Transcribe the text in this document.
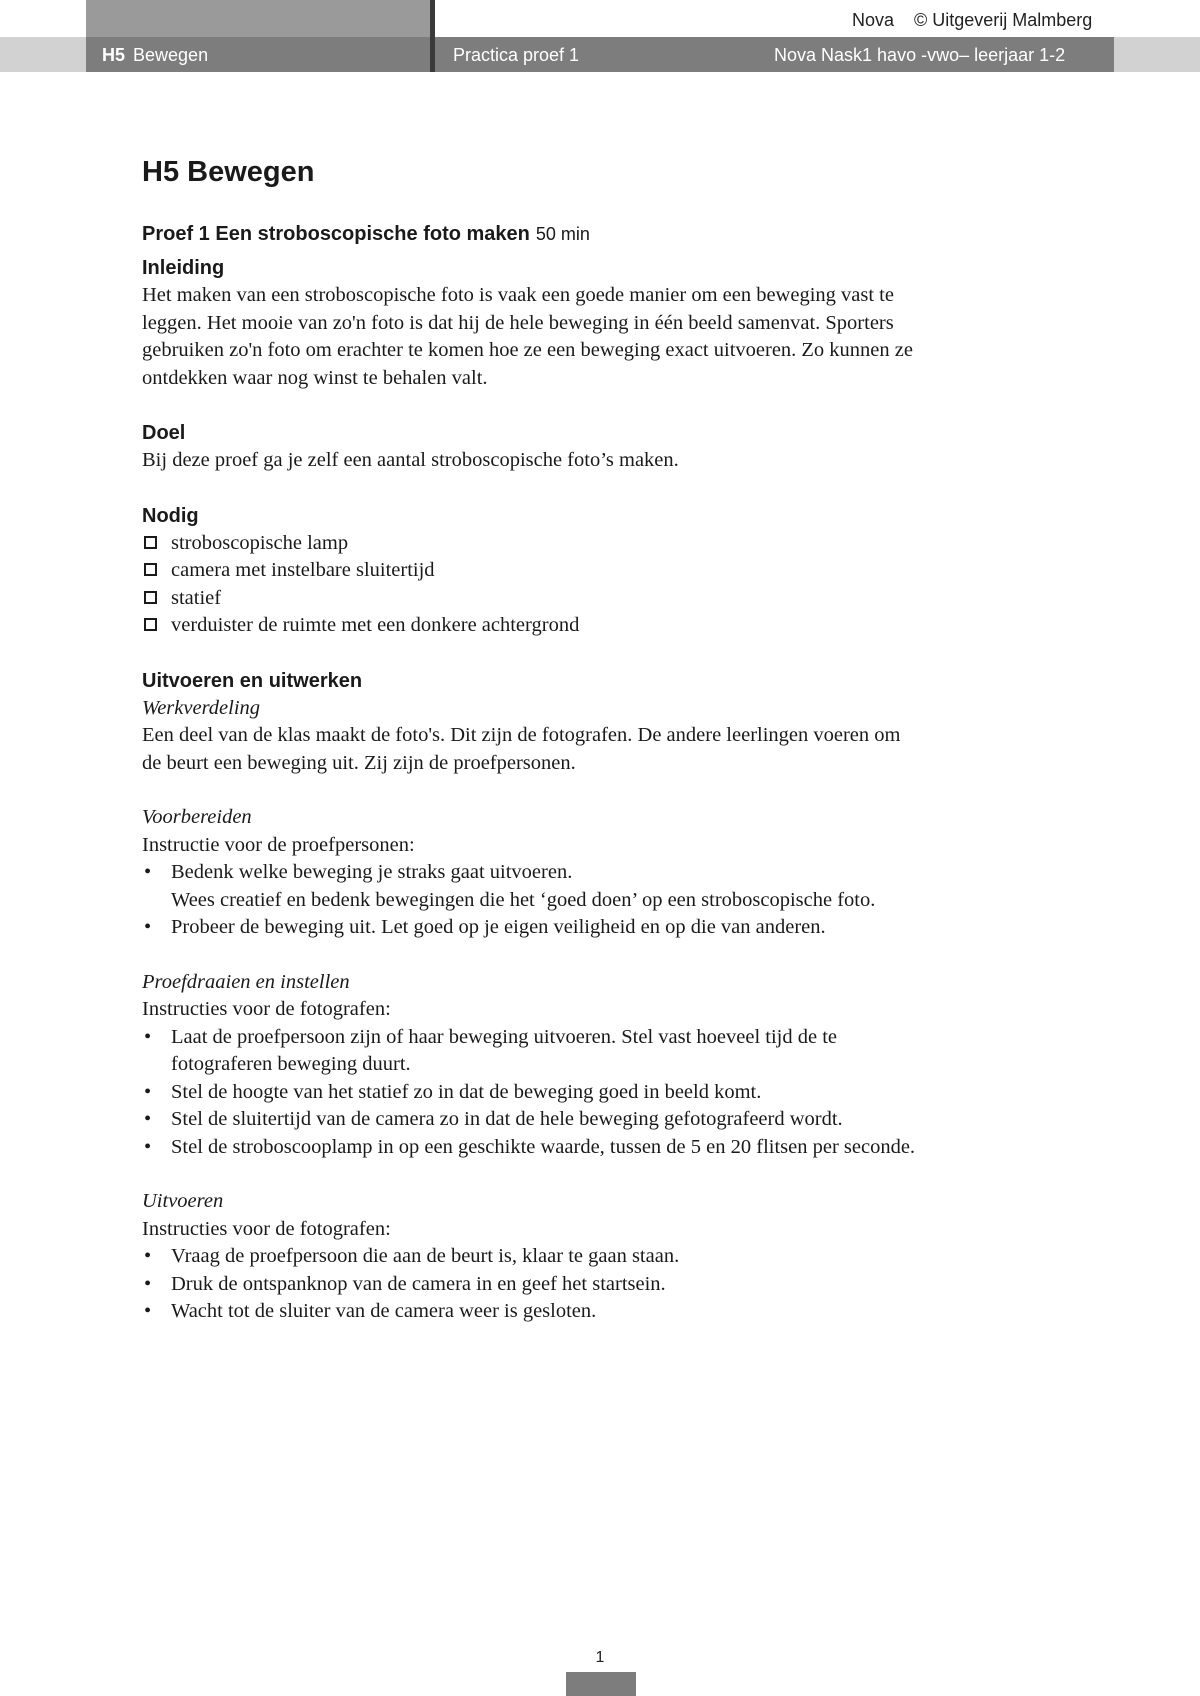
Nova © Uitgeverij Malmberg
H5 Bewegen	Practica proef 1	Nova Nask1 havo -vwo– leerjaar 1-2
H5 Bewegen

Proef 1 Een stroboscopische foto maken 50 min

Inleiding

Het maken van een stroboscopische foto is vaak een goede manier om een beweging vast te
leggen. Het mooie van zo'n foto is dat hij de hele beweging in één beeld samenvat. Sporters
gebruiken zo'n foto om erachter te komen hoe ze een beweging exact uitvoeren. Zo kunnen ze
ontdekken waar nog winst te behalen valt.

Doel

Bij deze proef ga je zelf een aantal stroboscopische foto’s maken.

Nodig

stroboscopische lamp
camera met instelbare sluitertijd
statief
verduister de ruimte met een donkere achtergrond

Uitvoeren en uitwerken

Werkverdeling

Een deel van de klas maakt de foto's. Dit zijn de fotografen. De andere leerlingen voeren om
de beurt een beweging uit. Zij zijn de proefpersonen.

Voorbereiden

Instructie voor de proefpersonen:

• Bedenk welke beweging je straks gaat uitvoeren.
Wees creatief en bedenk bewegingen die het ‘goed doen’ op een stroboscopische foto.
• Probeer de beweging uit. Let goed op je eigen veiligheid en op die van anderen.

Proefdraaien en instellen

Instructies voor de fotografen:

• Laat de proefpersoon zijn of haar beweging uitvoeren. Stel vast hoeveel tijd de te
fotograferen beweging duurt.
• Stel de hoogte van het statief zo in dat de beweging goed in beeld komt.
• Stel de sluitertijd van de camera zo in dat de hele beweging gefotografeerd wordt.
• Stel de stroboscooplamp in op een geschikte waarde, tussen de 5 en 20 flitsen per seconde.

Uitvoeren

Instructies voor de fotografen:

• Vraag de proefpersoon die aan de beurt is, klaar te gaan staan.
• Druk de ontspanknop van de camera in en geef het startsein.
• Wacht tot de sluiter van de camera weer is gesloten.
1
